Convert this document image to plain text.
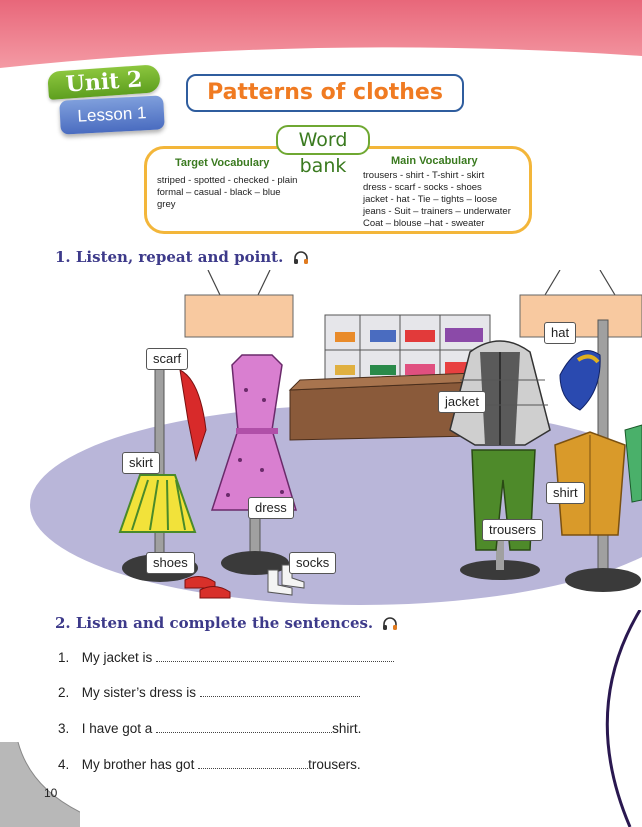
Unit 2
Lesson 1
Patterns of clothes
Target Vocabulary
striped - spotted - checked - plain
formal – casual - black – blue
grey
Main Vocabulary
trousers - shirt - T-shirt - skirt
dress - scarf - socks - shoes
jacket - hat - Tie – tights – loose
jeans - Suit – trainers – underwater
Coat – blouse –hat - sweater
Word bank
1. Listen, repeat and point.
scarf
skirt
dress
shoes	socks
jacket
trousers
hat
shirt
2. Listen and complete the sentences.
1. My jacket is
2. My sister’s dress is
3. I have got a	shirt.
4. My brother has got	trousers.
10
